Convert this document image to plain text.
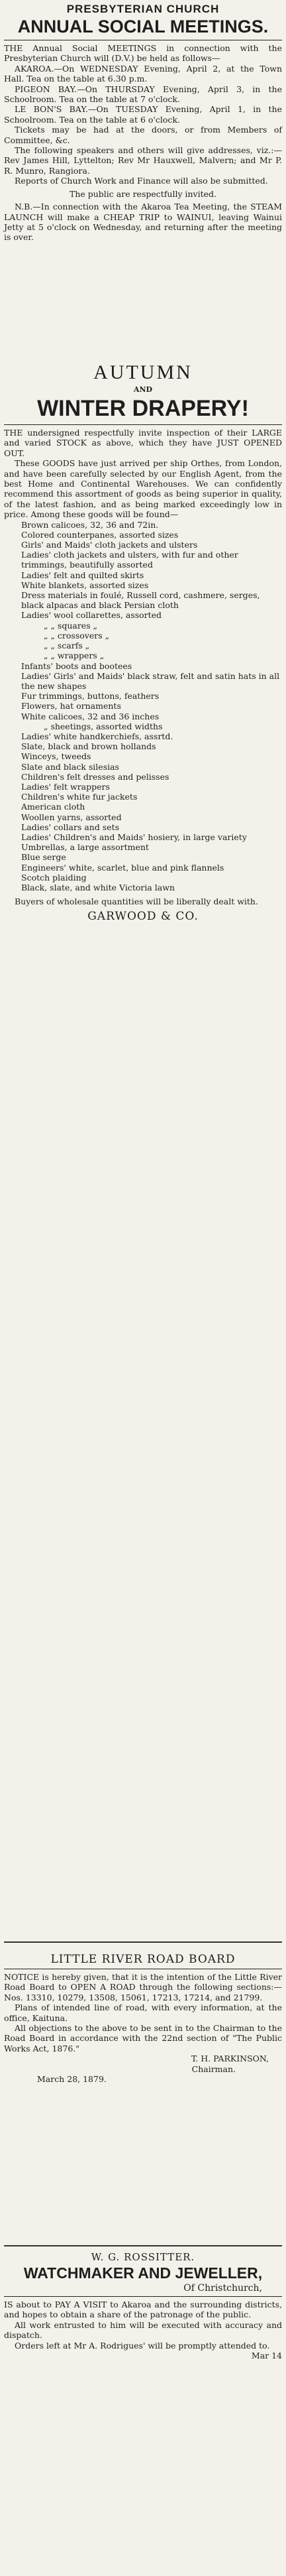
PRESBYTERIAN CHURCH
ANNUAL SOCIAL MEETINGS.

THE Annual Social MEETINGS in connection with the Presbyterian Church will (D.V.) be held as follows—

AKAROA.—On WEDNESDAY Evening, April 2, at the Town Hall. Tea on the table at 6.30 p.m.

PIGEON BAY.—On THURSDAY Evening, April 3, in the Schoolroom. Tea on the table at 7 o'clock.

LE BON'S BAY.—On TUESDAY Evening, April 1, in the Schoolroom. Tea on the table at 6 o'clock.

Tickets may be had at the doors, or from Members of Committee, &c.

The following speakers and others will give addresses, viz.:—Rev James Hill, Lyttelton; Rev Mr Hauxwell, Malvern; and Mr P. R. Munro, Rangiora.

Reports of Church Work and Finance will also be submitted.

The public are respectfully invited.

N.B.—In connection with the Akaroa Tea Meeting, the STEAM LAUNCH will make a CHEAP TRIP to WAINUI, leaving Wainui Jetty at 5 o'clock on Wednesday, and returning after the meeting is over.

AUTUMN
AND
WINTER DRAPERY!

THE undersigned respectfully invite inspection of their LARGE and varied STOCK as above, which they have JUST OPENED OUT.

These GOODS have just arrived per ship Orthes, from London, and have been carefully selected by our English Agent, from the best Home and Continental Warehouses. We can confidently recommend this assortment of goods as being superior in quality, of the latest fashion, and as being marked exceedingly low in price. Among these goods will be found—

Brown calicoes, 32, 36 and 72in.
Colored counterpanes, assorted sizes
Girls' and Maids' cloth jackets and ulsters
Ladies' cloth jackets and ulsters, with fur and other trimmings, beautifully assorted
Ladies' felt and quilted skirts
White blankets, assorted sizes
Dress materials in foulé, Russell cord, cashmere, serges, black alpacas and black Persian cloth
Ladies' wool collarettes, assorted
„ „ squares „
„ „ crossovers „
„ „ scarfs „
„ „ wrappers „
Infants' boots and bootees
Ladies' Girls' and Maids' black straw, felt and satin hats in all the new shapes
Fur trimmings, buttons, feathers
Flowers, hat ornaments
White calicoes, 32 and 36 inches
„ sheetings, assorted widths
Ladies' white handkerchiefs, assrtd.
Slate, black and brown hollands
Winceys, tweeds
Slate and black silesias
Children's felt dresses and pelisses
Ladies' felt wrappers
Children's white fur jackets
American cloth
Woollen yarns, assorted
Ladies' collars and sets
Ladies' Children's and Maids' hosiery, in large variety
Umbrellas, a large assortment
Blue serge
Engineers' white, scarlet, blue and pink flannels
Scotch plaiding
Black, slate, and white Victoria lawn

Buyers of wholesale quantities will be liberally dealt with.

GARWOOD & CO.
LITTLE RIVER ROAD BOARD

NOTICE is hereby given, that it is the intention of the Little River Road Board to OPEN A ROAD through the following sections:—Nos. 13310, 10279, 13508, 15061, 17213, 17214, and 21799.

Plans of intended line of road, with every information, at the office, Kaituna.

All objections to the above to be sent in to the Chairman to the Road Board in accordance with the 22nd section of "The Public Works Act, 1876."

T. H. PARKINSON,

Chairman.

March 28, 1879.

W. G. ROSSITTER.
WATCHMAKER AND JEWELLER,
Of Christchurch,

IS about to PAY A VISIT to Akaroa and the surrounding districts, and hopes to obtain a share of the patronage of the public.

All work entrusted to him will be executed with accuracy and dispatch.

Orders left at Mr A. Rodrigues' will be promptly attended to.

Mar 14
